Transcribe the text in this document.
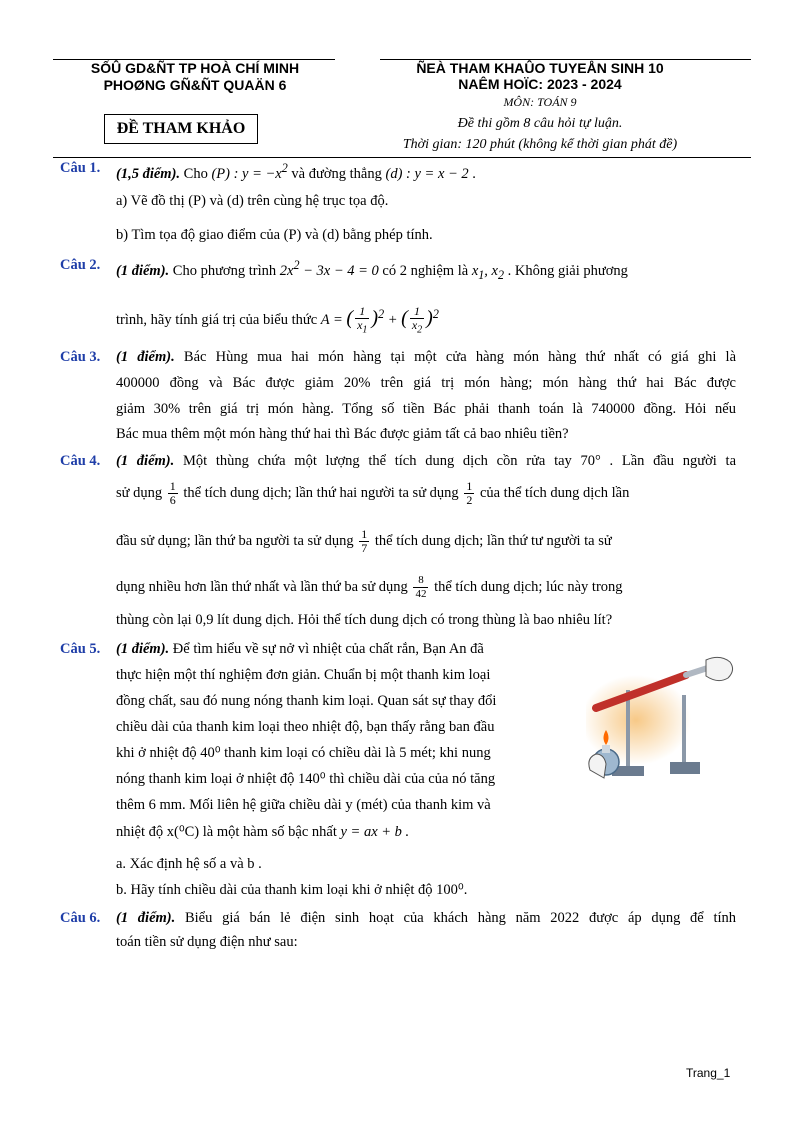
SỐÛ GD&ÑT TP HOÀ CHÍ MINH
PHOØNG GÑ&ÑT QUAÄN 6
ÑEÀ THAM KHAÛO TUYEÅN SINH 10
NAÊM HOÏC: 2023 - 2024
MÔN: TOÁN 9
Đề thi gồm 8 câu hỏi tự luận.
Thời gian: 120 phút (không kể thời gian phát đề)
ĐỀ THAM KHẢO
Câu 1. (1,5 điểm). Cho (P) : $y = -x^2$ và đường thẳng (d) : y = x − 2 .
a) Vẽ đồ thị (P) và (d) trên cùng hệ trục tọa độ.
b) Tìm tọa độ giao điểm của (P) và (d) bằng phép tính.
Câu 2. (1 điểm). Cho phương trình $2x^2 - 3x - 4 = 0$ có 2 nghiệm là $x_1$, $x_2$ . Không giải phương
trình, hãy tính giá trị của biểu thức A = ( $\frac{1}{x_1} )^2$ + ( $\frac{1}{x_2} )^2$
Câu 3. (1 điểm). Bác Hùng mua hai món hàng tại một cửa hàng món hàng thứ nhất có giá ghi là
400000 đồng và Bác được giảm 20% trên giá trị món hàng; món hàng thứ hai Bác được
giảm 30% trên giá trị món hàng. Tổng số tiền Bác phải thanh toán là 740000 đồng. Hỏi nếu
Bác mua thêm một món hàng thứ hai thì Bác được giảm tất cả bao nhiêu tiền?
Câu 4. (1 điểm). Một thùng chứa một lượng thể tích dung dịch cồn rửa tay 70° . Lần đầu người ta
sử dụng $\frac{1}{6}$ thể tích dung dịch; lần thứ hai người ta sử dụng $\frac{1}{2}$ của thể tích dung dịch lần
đầu sử dụng; lần thứ ba người ta sử dụng $\frac{1}{7}$ thể tích dung dịch; lần thứ tư người ta sử
dụng nhiều hơn lần thứ nhất và lần thứ ba sử dụng $\frac{8}{42}$ thể tích dung dịch; lúc này trong
thùng còn lại 0,9 lít dung dịch. Hỏi thể tích dung dịch có trong thùng là bao nhiêu lít?
Câu 5. (1 điểm). Để tìm hiểu về sự nở vì nhiệt của chất rắn, Bạn An đã
thực hiện một thí nghiệm đơn giản. Chuẩn bị một thanh kim loại
đồng chất, sau đó nung nóng thanh kim loại. Quan sát sự thay đổi
chiều dài của thanh kim loại theo nhiệt độ, bạn thấy rằng ban đầu
khi ở nhiệt độ 40⁰ thanh kim loại có chiều dài là 5 mét; khi nung
nóng thanh kim loại ở nhiệt độ 140⁰ thì chiều dài của của nó tăng
thêm 6 mm. Mối liên hệ giữa chiều dài y (mét) của thanh kim và
nhiệt độ x(⁰C) là một hàm số bậc nhất y = ax + b .
a. Xác định hệ số a và b .
b. Hãy tính chiều dài của thanh kim loại khi ở nhiệt độ 100⁰.
Câu 6. (1 điểm). Biểu giá bán lẻ điện sinh hoạt của khách hàng năm 2022 được áp dụng để tính
toán tiền sử dụng điện như sau:
Trang_1
